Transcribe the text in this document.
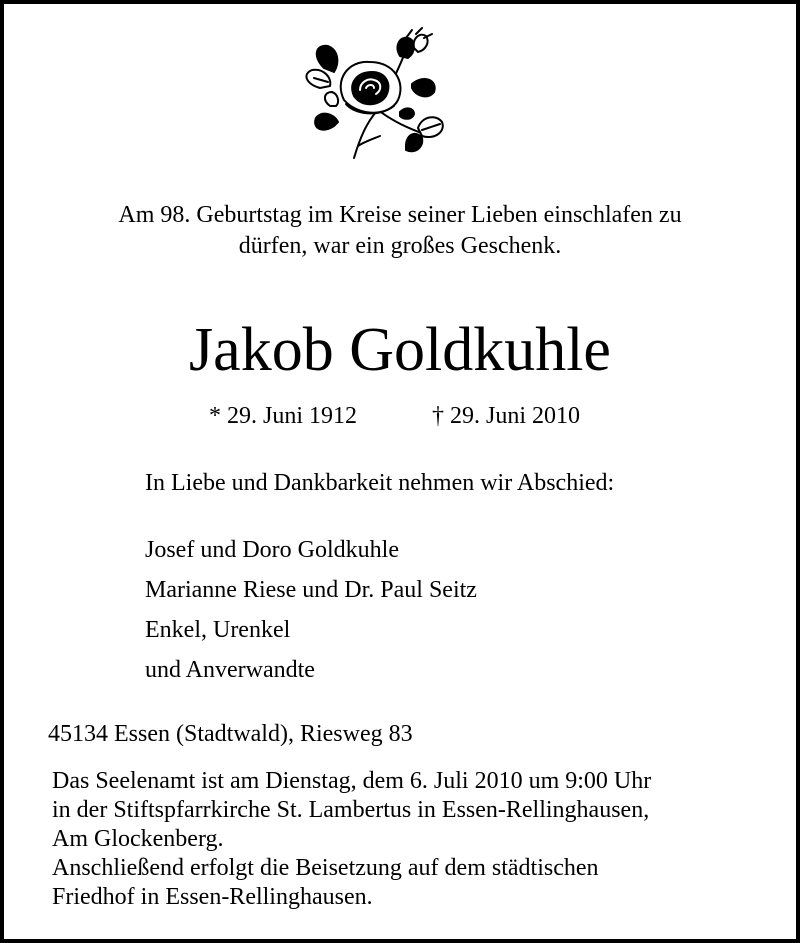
Am 98. Geburtstag im Kreise seiner Lieben einschlafen zu
dürfen, war ein großes Geschenk.
Jakob Goldkuhle
* 29. Juni 1912	† 29. Juni 2010
In Liebe und Dankbarkeit nehmen wir Abschied:
Josef und Doro Goldkuhle
Marianne Riese und Dr. Paul Seitz
Enkel, Urenkel
und Anverwandte
45134 Essen (Stadtwald), Riesweg 83
Das Seelenamt ist am Dienstag, dem 6. Juli 2010 um 9:00 Uhr
in der Stiftspfarrkirche St. Lambertus in Essen-Rellinghausen,
Am Glockenberg.
Anschließend erfolgt die Beisetzung auf dem städtischen
Friedhof in Essen-Rellinghausen.
